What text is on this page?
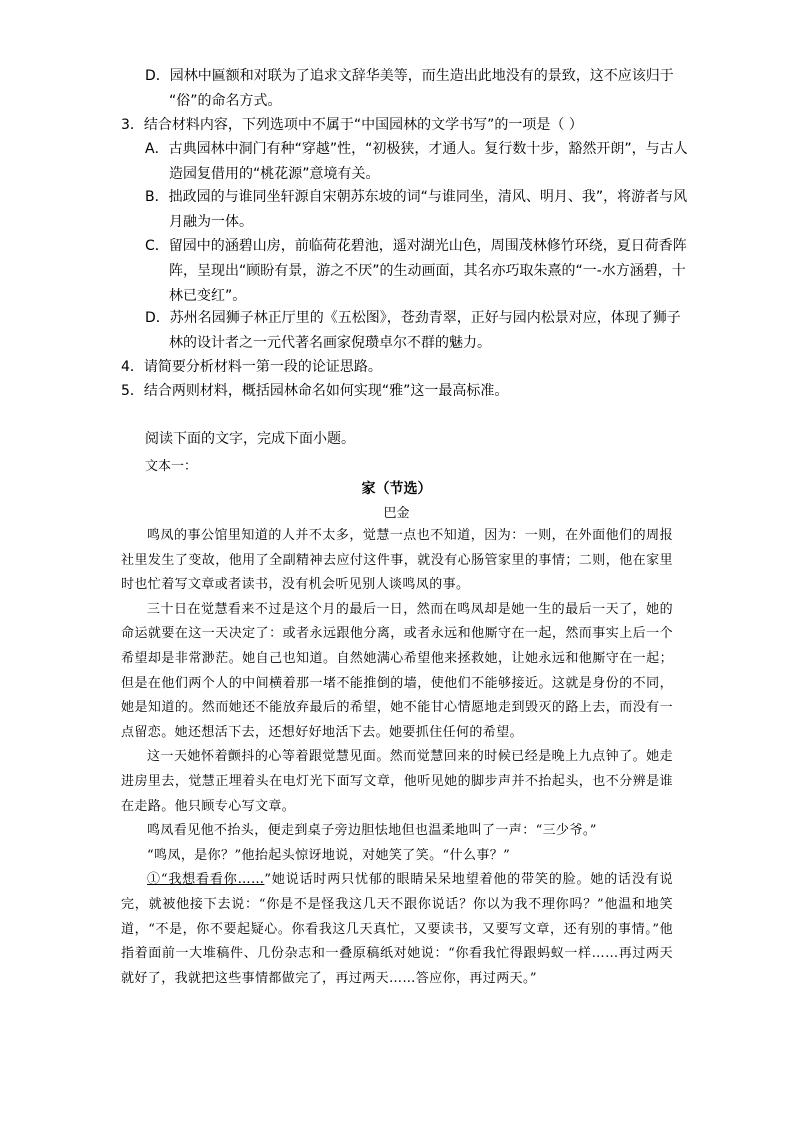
D．园林中匾额和对联为了追求文辞华美等，而生造出此地没有的景致，这不应该归于
“俗”的命名方式。
3．结合材料内容，下列选项中不属于“中国园林的文学书写”的一项是（ ）
A．古典园林中洞门有种“穿越”性，“初极狭，才通人。复行数十步，豁然开朗”，与古人造园复借用的“桃花源”意境有关。
B．拙政园的与谁同坐轩源自宋朝苏东坡的词“与谁同坐，清风、明月、我”，将游者与风月融为一体。
C．留园中的涵碧山房，前临荷花碧池，遥对湖光山色，周围茂林修竹环绕，夏日荷香阵阵，呈现出“顾盼有景，游之不厌”的生动画面，其名亦巧取朱熹的“一-水方涵碧，十林已变红”。
D．苏州名园狮子林正厅里的《五松图》，苍劲青翠，正好与园内松景对应，体现了狮子林的设计者之一元代著名画家倪瓒卓尔不群的魅力。
4．请简要分析材料一第一段的论证思路。
5．结合两则材料，概括园林命名如何实现“雅”这一最高标准。
阅读下面的文字，完成下面小题。
文本一：
家（节选）
巴金

鸣凤的事公馆里知道的人并不太多，觉慧一点也不知道，因为：一则，在外面他们的周报社里发生了变故，他用了全副精神去应付这件事，就没有心肠管家里的事情；二则，他在家里时也忙着写文章或者读书，没有机会听见别人谈鸣凤的事。

三十日在觉慧看来不过是这个月的最后一日，然而在鸣凤却是她一生的最后一天了，她的命运就要在这一天决定了：或者永远跟他分离，或者永远和他厮守在一起，然而事实上后一个希望却是非常渺茫。她自己也知道。自然她满心希望他来拯救她，让她永远和他厮守在一起；但是在他们两个人的中间横着那一堵不能推倒的墙，使他们不能够接近。这就是身份的不同，她是知道的。然而她还不能放弃最后的希望，她不能甘心情愿地走到毁灭的路上去，而没有一点留恋。她还想活下去，还想好好地活下去。她要抓住任何的希望。

这一天她怀着颤抖的心等着跟觉慧见面。然而觉慧回来的时候已经是晚上九点钟了。她走进房里去，觉慧正埋着头在电灯光下面写文章，他听见她的脚步声并不抬起头，也不分辨是谁在走路。他只顾专心写文章。

鸣凤看见他不抬头，便走到桌子旁边胆怯地但也温柔地叫了一声：“三少爷。”

“鸣凤，是你？”他抬起头惊讶地说，对她笑了笑。“什么事？”

①“我想看看你……”她说话时两只忧郁的眼睛呆呆地望着他的带笑的脸。她的话没有说完，就被他接下去说：“你是不是怪我这几天不跟你说话？你以为我不理你吗？”他温和地笑道，“不是，你不要起疑心。你看我这几天真忙，又要读书，又要写文章，还有别的事情。”他指着面前一大堆稿件、几份杂志和一叠原稿纸对她说：“你看我忙得跟蚂蚁一样……再过两天就好了，我就把这些事情都做完了，再过两天……答应你，再过两天。”
